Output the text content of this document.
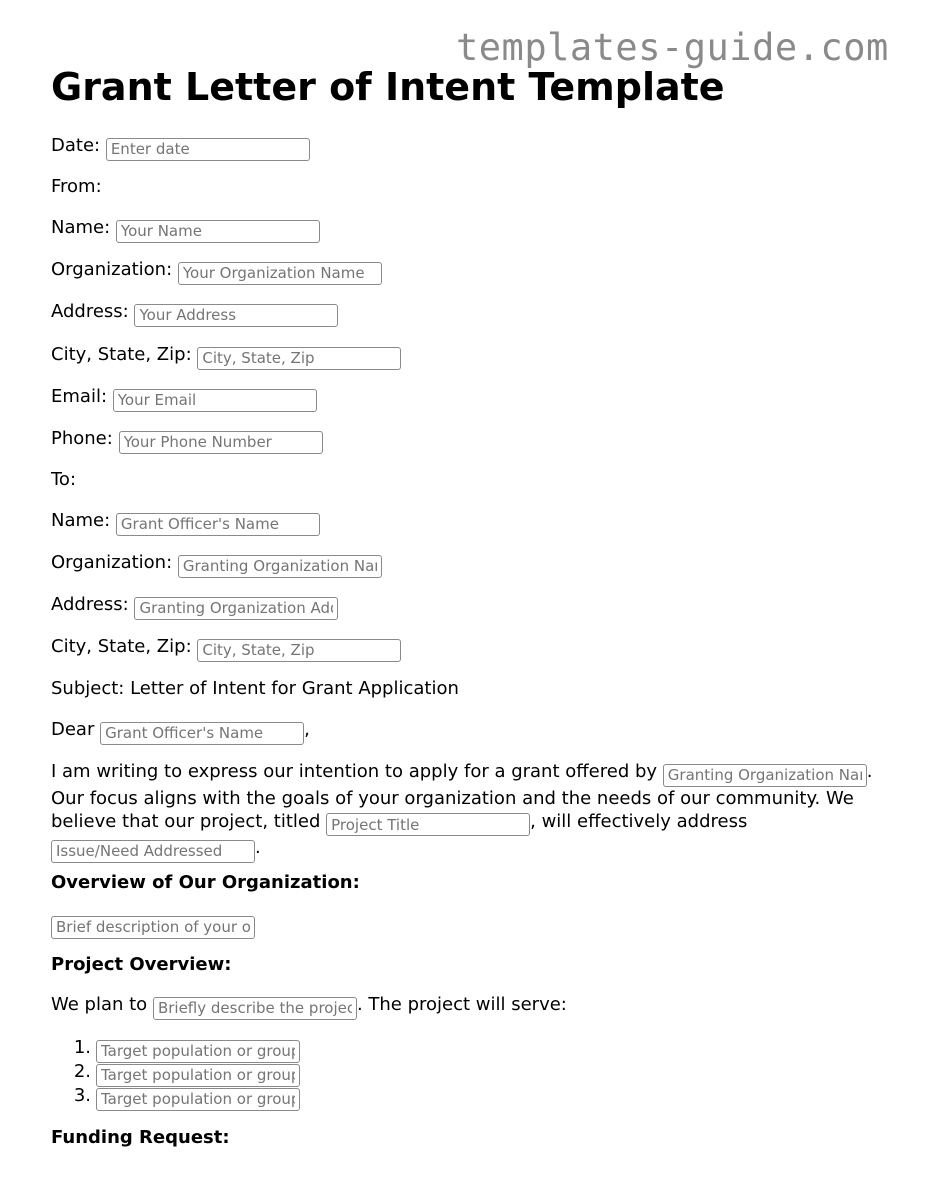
templates-guide.com
Grant Letter of Intent Template
Date: Enter date
From:
Name: Your Name
Organization: Your Organization Name
Address: Your Address
City, State, Zip: City, State, Zip
Email: Your Email
Phone: Your Phone Number
To:
Name: Grant Officer's Name
Organization: Granting Organization Name
Address: Granting Organization Address
City, State, Zip: City, State, Zip
Subject: Letter of Intent for Grant Application
Dear Grant Officer's Name	,
I am writing to express our intention to apply for a grant offered by Granting Organization Name	. Our focus aligns with the goals of your organization and the needs of our community. We believe that our project, titled Project Title	, will effectively address Issue/Need Addressed.
Overview of Our Organization:
Brief description of your organization
Project Overview:
We plan to Briefly describe the project	. The project will serve:
1.Target population or group
2.Target population or group
3.Target population or group
Funding Request:
